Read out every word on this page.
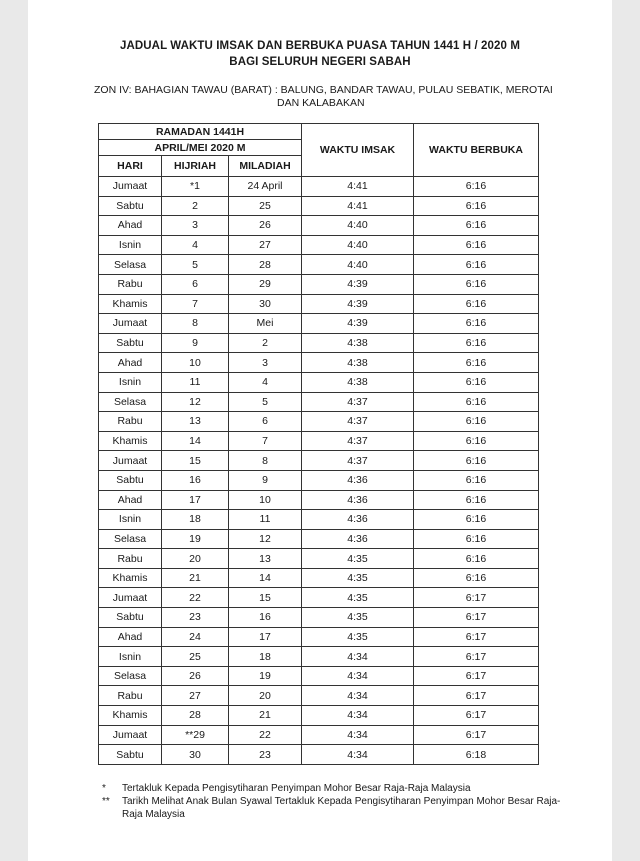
JADUAL WAKTU IMSAK DAN BERBUKA PUASA TAHUN 1441 H / 2020 M
BAGI SELURUH NEGERI SABAH
ZON IV: BAHAGIAN TAWAU (BARAT) : BALUNG, BANDAR TAWAU, PULAU SEBATIK, MEROTAI
DAN KALABAKAN
RAMADAN 1441H			WAKTU IMSAK	WAKTU BERBUKA
APRIL/MEI 2020 M				
HARI	HIJRIAH	MILADIAH		
Jumaat	*1	24 April	4:41	6:16
Sabtu	2	25	4:41	6:16
Ahad	3	26	4:40	6:16
Isnin	4	27	4:40	6:16
Selasa	5	28	4:40	6:16
Rabu	6	29	4:39	6:16
Khamis	7	30	4:39	6:16
Jumaat	8	Mei	4:39	6:16
Sabtu	9	2	4:38	6:16
Ahad	10	3	4:38	6:16
Isnin	11	4	4:38	6:16
Selasa	12	5	4:37	6:16
Rabu	13	6	4:37	6:16
Khamis	14	7	4:37	6:16
Jumaat	15	8	4:37	6:16
Sabtu	16	9	4:36	6:16
Ahad	17	10	4:36	6:16
Isnin	18	11	4:36	6:16
Selasa	19	12	4:36	6:16
Rabu	20	13	4:35	6:16
Khamis	21	14	4:35	6:16
Jumaat	22	15	4:35	6:17
Sabtu	23	16	4:35	6:17
Ahad	24	17	4:35	6:17
Isnin	25	18	4:34	6:17
Selasa	26	19	4:34	6:17
Rabu	27	20	4:34	6:17
Khamis	28	21	4:34	6:17
Jumaat	**29	22	4:34	6:17
Sabtu	30	23	4:34	6:18
*	Tertakluk Kepada Pengisytiharan Penyimpan Mohor Besar Raja-Raja Malaysia
**	Tarikh Melihat Anak Bulan Syawal Tertakluk Kepada Pengisytiharan Penyimpan Mohor Besar Raja-Raja Malaysia
